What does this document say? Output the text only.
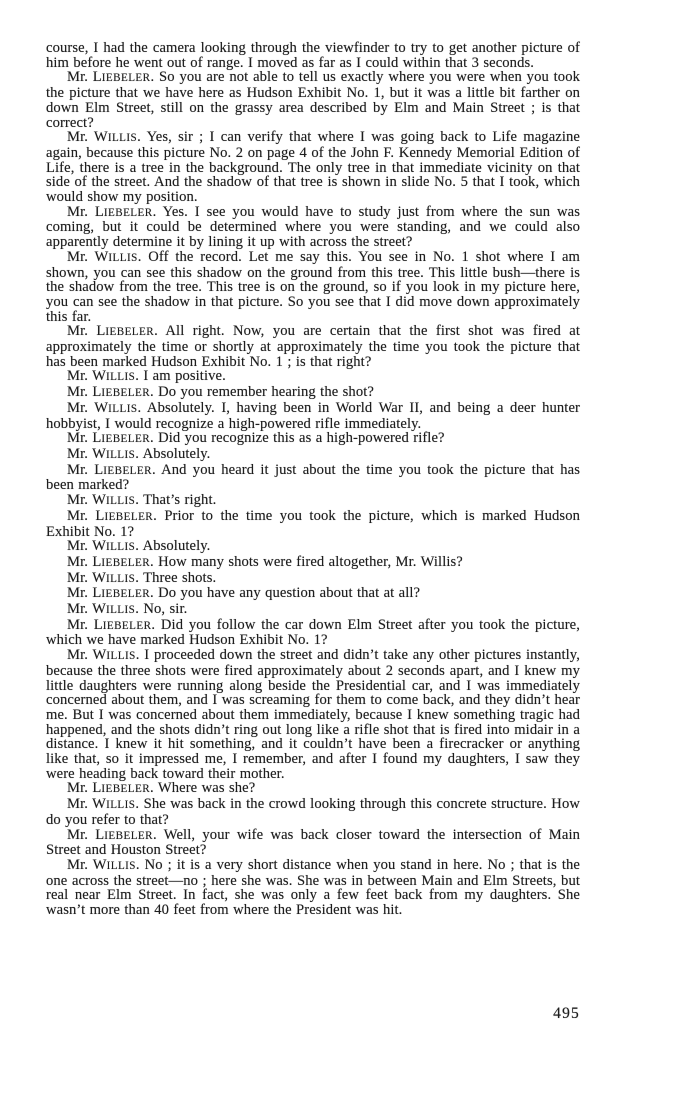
course, I had the camera looking through the viewfinder to try to get another picture of him before he went out of range. I moved as far as I could within that 3 seconds.

Mr. LIEBELER. So you are not able to tell us exactly where you were when you took the picture that we have here as Hudson Exhibit No. 1, but it was a little bit farther on down Elm Street, still on the grassy area described by Elm and Main Street ; is that correct?

Mr. WILLIS. Yes, sir ; I can verify that where I was going back to Life magazine again, because this picture No. 2 on page 4 of the John F. Kennedy Memorial Edition of Life, there is a tree in the background. The only tree in that immediate vicinity on that side of the street. And the shadow of that tree is shown in slide No. 5 that I took, which would show my position.

Mr. LIEBELER. Yes. I see you would have to study just from where the sun was coming, but it could be determined where you were standing, and we could also apparently determine it by lining it up with across the street?

Mr. WILLIS. Off the record. Let me say this. You see in No. 1 shot where I am shown, you can see this shadow on the ground from this tree. This little bush—there is the shadow from the tree. This tree is on the ground, so if you look in my picture here, you can see the shadow in that picture. So you see that I did move down approximately this far.

Mr. LIEBELER. All right. Now, you are certain that the first shot was fired at approximately the time or shortly at approximately the time you took the picture that has been marked Hudson Exhibit No. 1 ; is that right?

Mr. WILLIS. I am positive.

Mr. LIEBELER. Do you remember hearing the shot?

Mr. WILLIS. Absolutely. I, having been in World War II, and being a deer hunter hobbyist, I would recognize a high-powered rifle immediately.

Mr. LIEBELER. Did you recognize this as a high-powered rifle?

Mr. WILLIS. Absolutely.

Mr. LIEBELER. And you heard it just about the time you took the picture that has been marked?

Mr. WILLIS. That’s right.

Mr. LIEBELER. Prior to the time you took the picture, which is marked Hudson Exhibit No. 1?

Mr. WILLIS. Absolutely.

Mr. LIEBELER. How many shots were fired altogether, Mr. Willis?

Mr. WILLIS. Three shots.

Mr. LIEBELER. Do you have any question about that at all?

Mr. WILLIS. No, sir.

Mr. LIEBELER. Did you follow the car down Elm Street after you took the picture, which we have marked Hudson Exhibit No. 1?

Mr. WILLIS. I proceeded down the street and didn’t take any other pictures instantly, because the three shots were fired approximately about 2 seconds apart, and I knew my little daughters were running along beside the Presidential car, and I was immediately concerned about them, and I was screaming for them to come back, and they didn’t hear me. But I was concerned about them immediately, because I knew something tragic had happened, and the shots didn’t ring out long like a rifle shot that is fired into midair in a distance. I knew it hit something, and it couldn’t have been a firecracker or anything like that, so it impressed me, I remember, and after I found my daughters, I saw they were heading back toward their mother.

Mr. LIEBELER. Where was she?

Mr. WILLIS. She was back in the crowd looking through this concrete structure. How do you refer to that?

Mr. LIEBELER. Well, your wife was back closer toward the intersection of Main Street and Houston Street?

Mr. WILLIS. No ; it is a very short distance when you stand in here. No ; that is the one across the street—no ; here she was. She was in between Main and Elm Streets, but real near Elm Street. In fact, she was only a few feet back from my daughters. She wasn’t more than 40 feet from where the President was hit.

495
